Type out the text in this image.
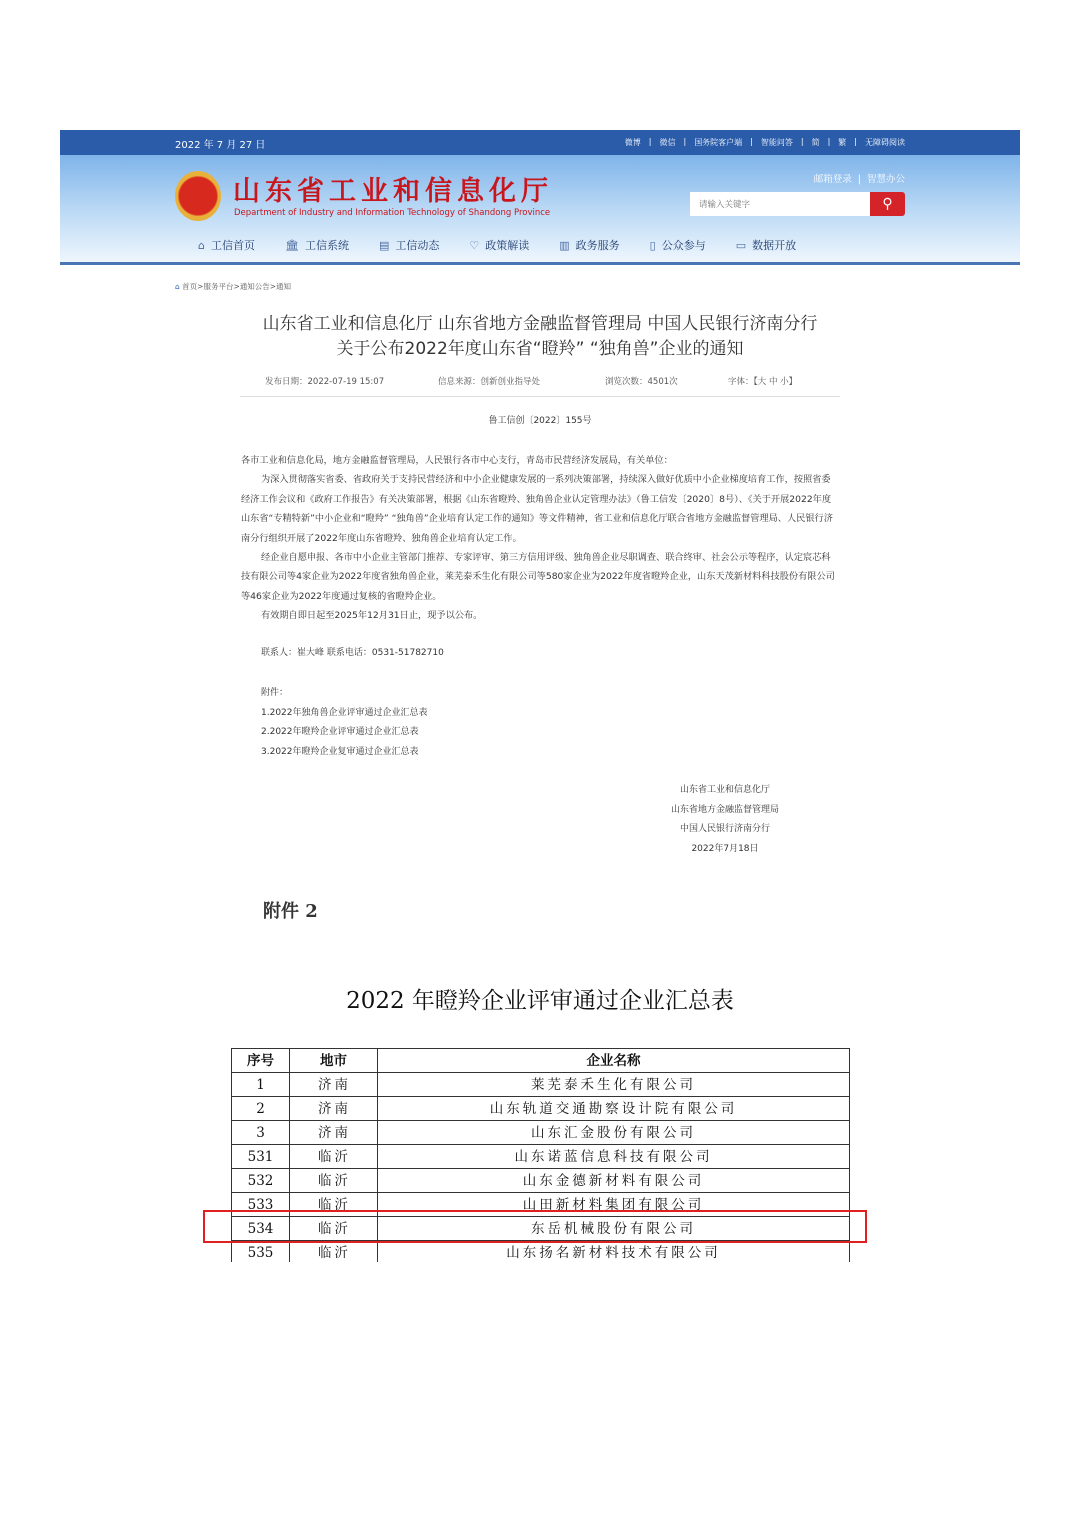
2022 年 7 月 27 日	微博 | 微信 | 国务院客户端 | 智能问答 | 简 | 繁 | 无障碍阅读
山东省工业和信息化厅
Department of Industry and Information Technology of Shandong Province
邮箱登录  |  智慧办公
请输入关键字
⚲
⌂ 工信首页	🏛 工信系统	▤ 工信动态	♡ 政策解读	▥ 政务服务	▯ 公众参与	▭ 数据开放
⌂ 首页>服务平台>通知公告>通知
山东省工业和信息化厅 山东省地方金融监督管理局 中国人民银行济南分行
关于公布2022年度山东省“瞪羚” “独角兽”企业的通知
发布日期：2022-07-19 15:07	信息来源：创新创业指导处	浏览次数：4501次	字体：【大 中 小】
鲁工信创〔2022〕155号

各市工业和信息化局，地方金融监督管理局，人民银行各市中心支行，青岛市民营经济发展局，有关单位：

为深入贯彻落实省委、省政府关于支持民营经济和中小企业健康发展的一系列决策部署，持续深入做好优质中小企业梯度培育工作，按照省委经济工作会议和《政府工作报告》有关决策部署，根据《山东省瞪羚、独角兽企业认定管理办法》（鲁工信发〔2020〕8号）、《关于开展2022年度山东省“专精特新”中小企业和“瞪羚” “独角兽”企业培育认定工作的通知》等文件精神，省工业和信息化厅联合省地方金融监督管理局、人民银行济南分行组织开展了2022年度山东省瞪羚、独角兽企业培育认定工作。

经企业自愿申报、各市中小企业主管部门推荐、专家评审、第三方信用评级、独角兽企业尽职调查、联合终审、社会公示等程序，认定宸芯科技有限公司等4家企业为2022年度省独角兽企业，莱芜泰禾生化有限公司等580家企业为2022年度省瞪羚企业，山东天茂新材料科技股份有限公司等46家企业为2022年度通过复核的省瞪羚企业。

有效期自即日起至2025年12月31日止，现予以公布。

联系人：崔大峰 联系电话：0531-51782710
附件：
1.2022年独角兽企业评审通过企业汇总表
2.2022年瞪羚企业评审通过企业汇总表
3.2022年瞪羚企业复审通过企业汇总表
山东省工业和信息化厅
山东省地方金融监督管理局
中国人民银行济南分行
2022年7月18日
附件 2
2022 年瞪羚企业评审通过企业汇总表
序号	地市	企业名称
1	济南	莱芜泰禾生化有限公司
2	济南	山东轨道交通勘察设计院有限公司
3	济南	山东汇金股份有限公司
531	临沂	山东诺蓝信息科技有限公司
532	临沂	山东金德新材料有限公司
533	临沂	山田新材料集团有限公司
534	临沂	东岳机械股份有限公司
535	临沂	山东扬名新材料技术有限公司
